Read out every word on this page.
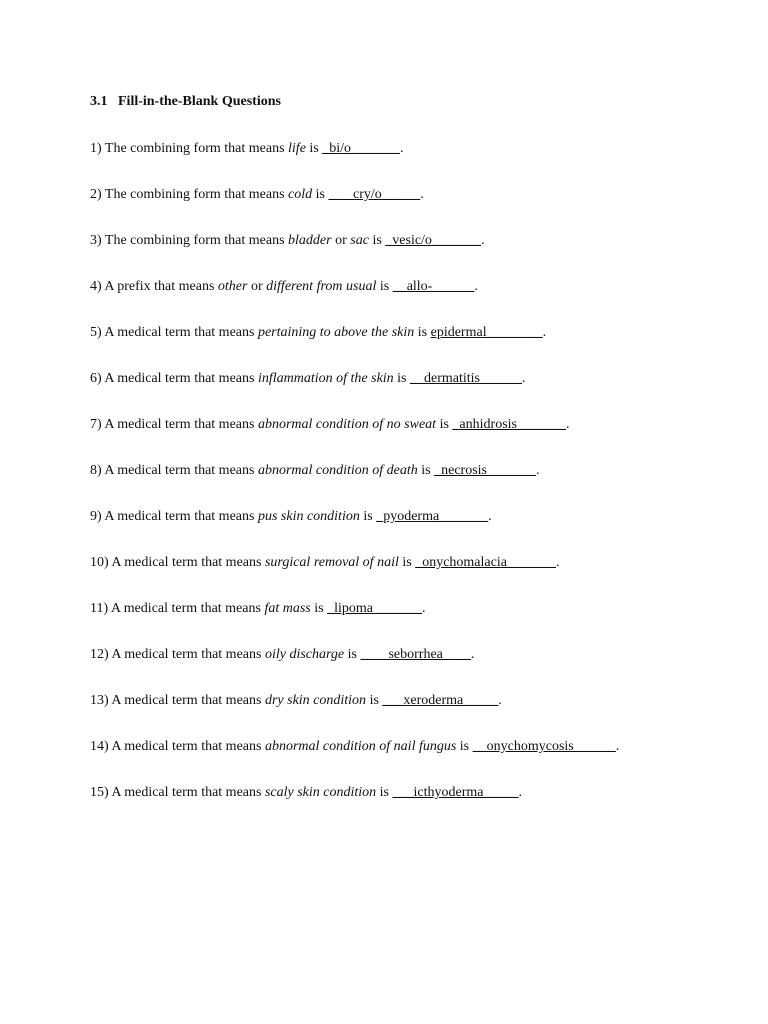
3.1 Fill-in-the-Blank Questions

1) The combining form that means life is _bi/o_______.

2) The combining form that means cold is ___ cry/o _____.

3) The combining form that means bladder or sac is _vesic/o_______.

4) A prefix that means other or different from usual is __allo-______.

5) A medical term that means pertaining to above the skin is epidermal________.

6) A medical term that means inflammation of the skin is __dermatitis______.

7) A medical term that means abnormal condition of no sweat is _anhidrosis_______.

8) A medical term that means abnormal condition of death is _necrosis_______.

9) A medical term that means pus skin condition is _pyoderma_______.

10) A medical term that means surgical removal of nail is _onychomalacia_______.

11) A medical term that means fat mass is _lipoma_______.

12) A medical term that means oily discharge is ____seborrhea____.

13) A medical term that means dry skin condition is ___xeroderma_____.

14) A medical term that means abnormal condition of nail fungus is __onychomycosis______.

15) A medical term that means scaly skin condition is ___icthyoderma_____.
